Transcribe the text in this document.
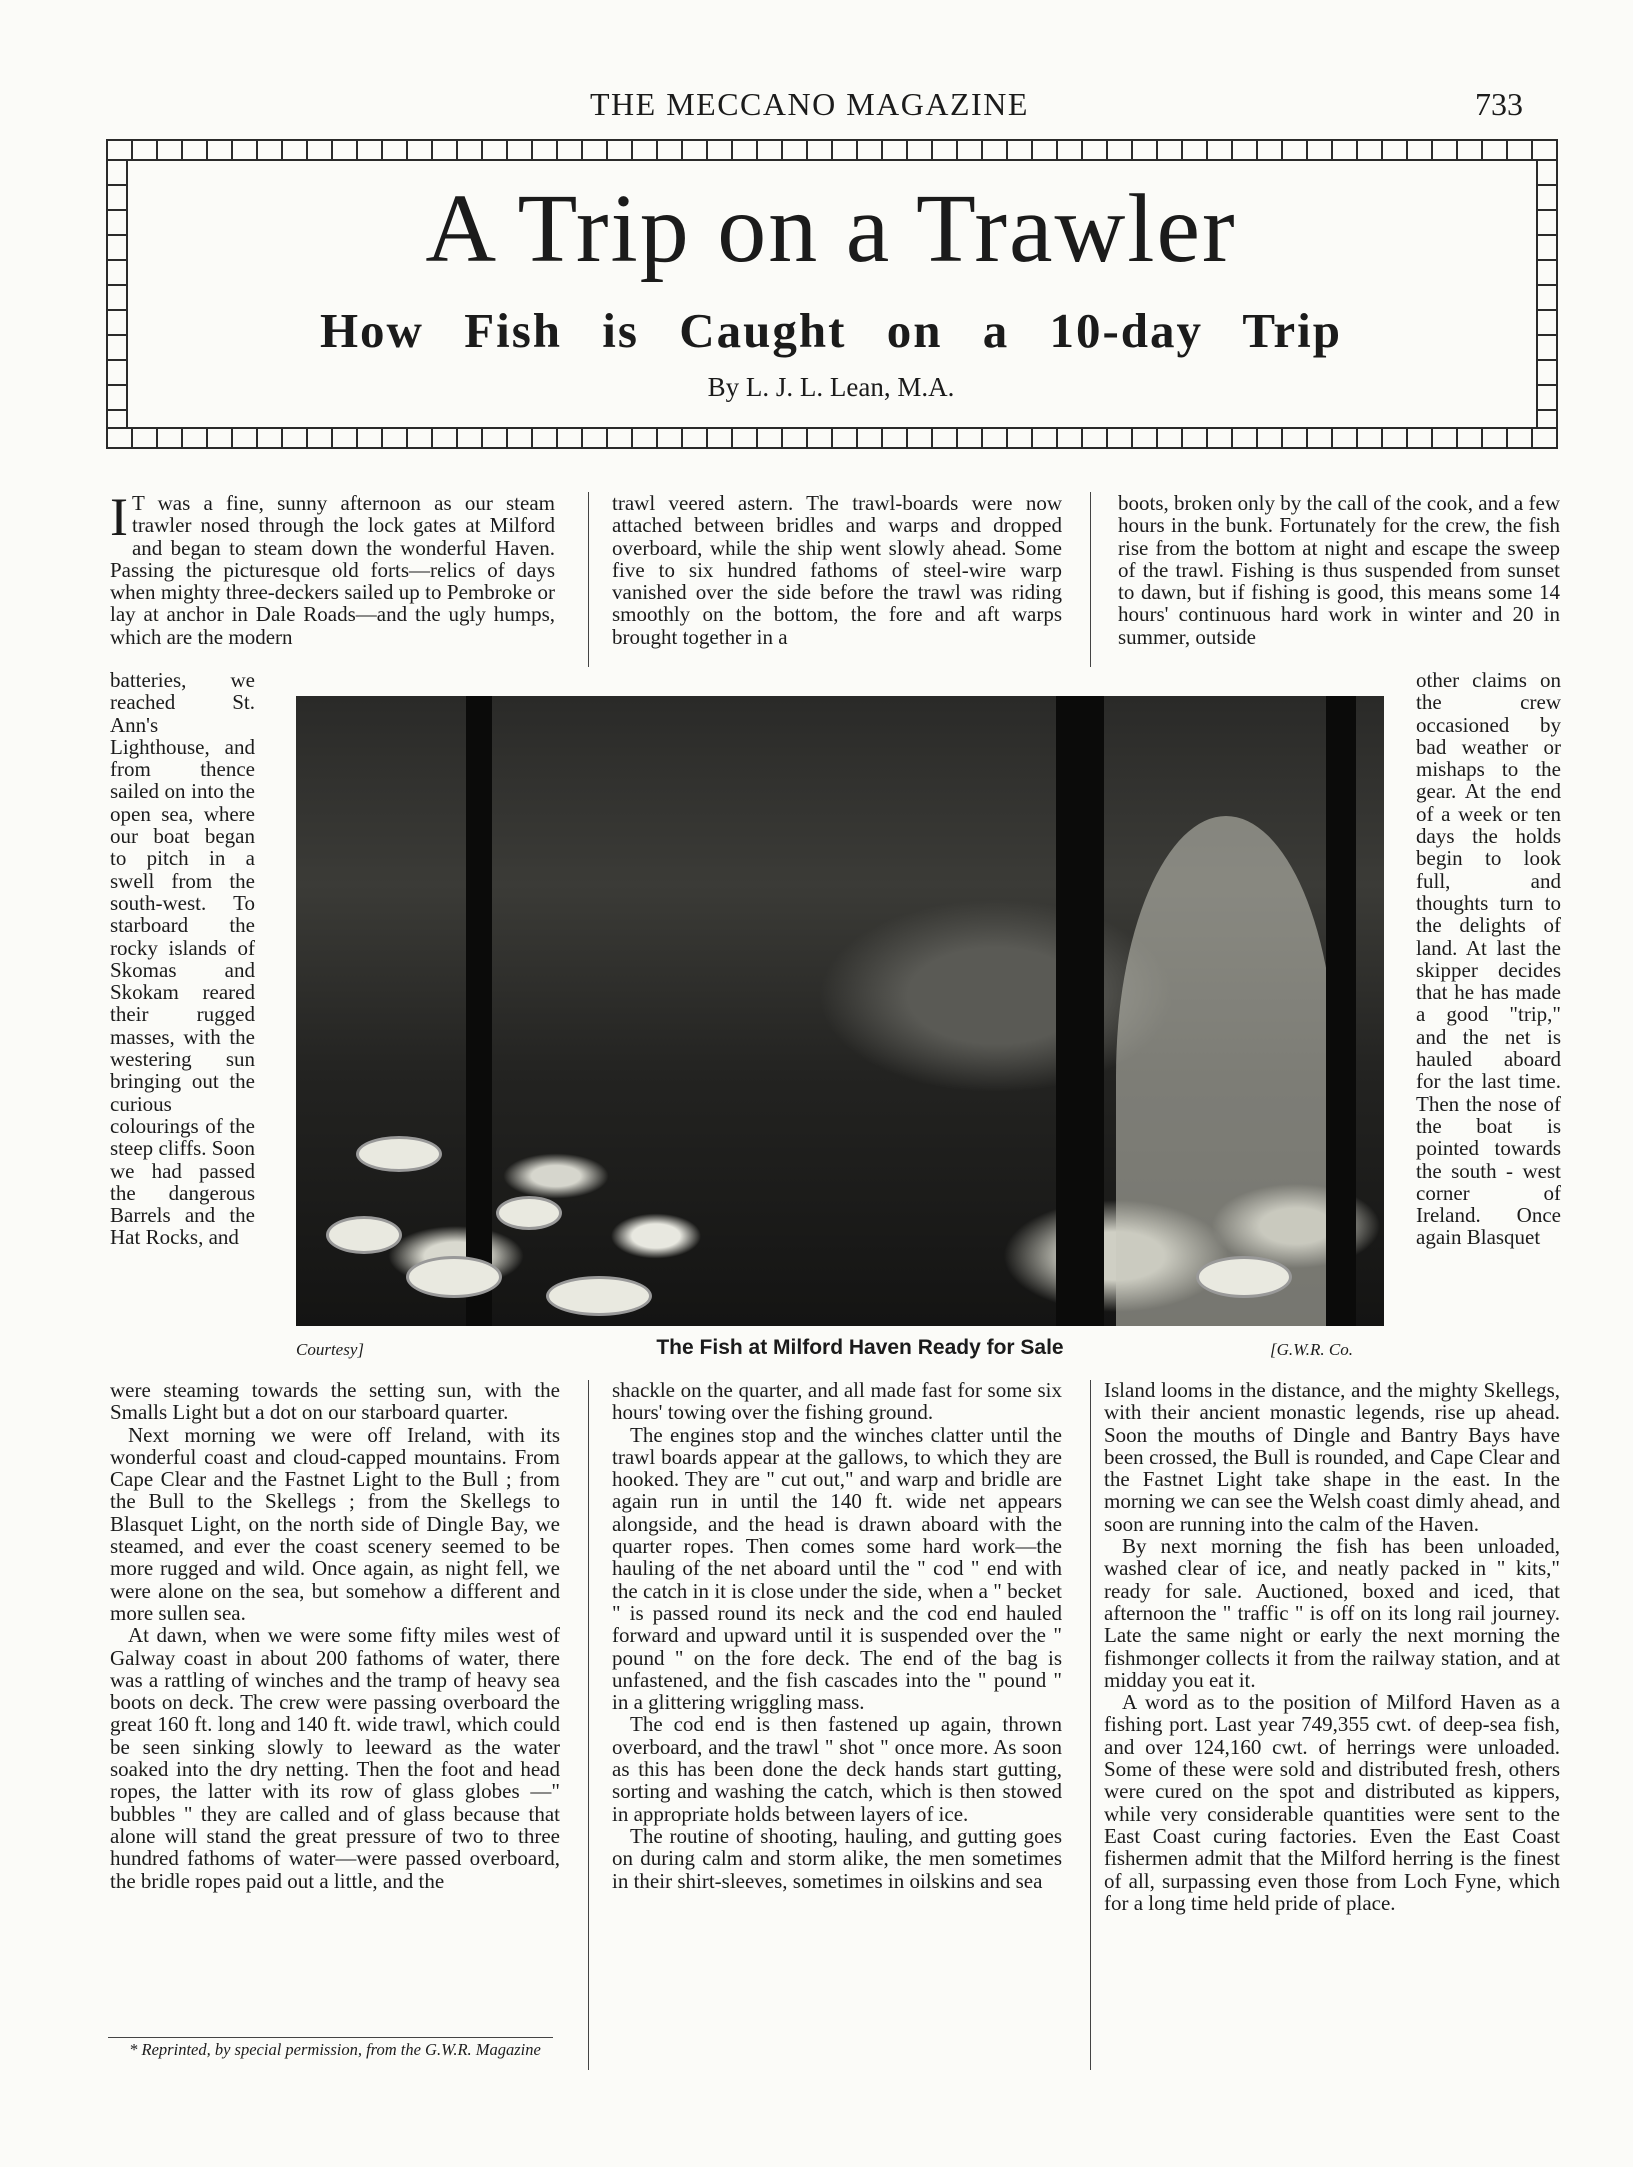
THE MECCANO MAGAZINE	733
A Trip on a Trawler
How Fish is Caught on a 10-day Trip
By L. J. L. Lean, M.A.
I T was a fine, sunny afternoon as our steam trawler nosed through the lock gates at Milford and began to steam down the wonderful Haven. Passing the picturesque old forts—relics of days when mighty three-deckers sailed up to Pembroke or lay at anchor in Dale Roads—and the ugly humps, which are the modern

batteries, we reached St. Ann's Lighthouse, and from thence sailed on into the open sea, where our boat began to pitch in a swell from the south-west. To starboard the rocky islands of Skomas and Skokam reared their rugged masses, with the westering sun bringing out the curious colourings of the steep cliffs. Soon we had passed the dangerous Barrels and the Hat Rocks, and

were steaming towards the setting sun, with the Smalls Light but a dot on our starboard quarter.

Next morning we were off Ireland, with its wonderful coast and cloud-capped mountains. From Cape Clear and the Fastnet Light to the Bull ; from the Bull to the Skellegs ; from the Skellegs to Blasquet Light, on the north side of Dingle Bay, we steamed, and ever the coast scenery seemed to be more rugged and wild. Once again, as night fell, we were alone on the sea, but somehow a different and more sullen sea.

At dawn, when we were some fifty miles west of Galway coast in about 200 fathoms of water, there was a rattling of winches and the tramp of heavy sea boots on deck. The crew were passing overboard the great 160 ft. long and 140 ft. wide trawl, which could be seen sinking slowly to leeward as the water soaked into the dry netting. Then the foot and head ropes, the latter with its row of glass globes —" bubbles " they are called and of glass because that alone will stand the great pressure of two to three hundred fathoms of water—were passed overboard, the bridle ropes paid out a little, and the

trawl veered astern. The trawl-boards were now attached between bridles and warps and dropped overboard, while the ship went slowly ahead. Some five to six hundred fathoms of steel-wire warp vanished over the side before the trawl was riding smoothly on the bottom, the fore and aft warps brought together in a

shackle on the quarter, and all made fast for some six hours' towing over the fishing ground.

The engines stop and the winches clatter until the trawl boards appear at the gallows, to which they are hooked. They are " cut out," and warp and bridle are again run in until the 140 ft. wide net appears alongside, and the head is drawn aboard with the quarter ropes. Then comes some hard work—the hauling of the net aboard until the " cod " end with the catch in it is close under the side, when a " becket " is passed round its neck and the cod end hauled forward and upward until it is suspended over the " pound " on the fore deck. The end of the bag is unfastened, and the fish cascades into the " pound " in a glittering wriggling mass.

The cod end is then fastened up again, thrown overboard, and the trawl " shot " once more. As soon as this has been done the deck hands start gutting, sorting and washing the catch, which is then stowed in appropriate holds between layers of ice.

The routine of shooting, hauling, and gutting goes on during calm and storm alike, the men sometimes in their shirt-sleeves, sometimes in oilskins and sea

boots, broken only by the call of the cook, and a few hours in the bunk. Fortunately for the crew, the fish rise from the bottom at night and escape the sweep of the trawl. Fishing is thus suspended from sunset to dawn, but if fishing is good, this means some 14 hours' continuous hard work in winter and 20 in summer, outside

other claims on the crew occasioned by bad weather or mishaps to the gear. At the end of a week or ten days the holds begin to look full, and thoughts turn to the delights of land. At last the skipper decides that he has made a good "trip," and the net is hauled aboard for the last time. Then the nose of the boat is pointed towards the south - west corner of Ireland. Once again Blasquet

Island looms in the distance, and the mighty Skellegs, with their ancient monastic legends, rise up ahead. Soon the mouths of Dingle and Bantry Bays have been crossed, the Bull is rounded, and Cape Clear and the Fastnet Light take shape in the east. In the morning we can see the Welsh coast dimly ahead, and soon are running into the calm of the Haven.

By next morning the fish has been unloaded, washed clear of ice, and neatly packed in " kits," ready for sale. Auctioned, boxed and iced, that afternoon the " traffic " is off on its long rail journey. Late the same night or early the next morning the fishmonger collects it from the railway station, and at midday you eat it.

A word as to the position of Milford Haven as a fishing port. Last year 749,355 cwt. of deep-sea fish, and over 124,160 cwt. of herrings were unloaded. Some of these were sold and distributed fresh, others were cured on the spot and distributed as kippers, while very considerable quantities were sent to the East Coast curing factories. Even the East Coast fishermen admit that the Milford herring is the finest of all, surpassing even those from Loch Fyne, which for a long time held pride of place.

Courtesy]	The Fish at Milford Haven Ready for Sale	[G.W.R. Co.
* Reprinted, by special permission, from the G.W.R. Magazine
